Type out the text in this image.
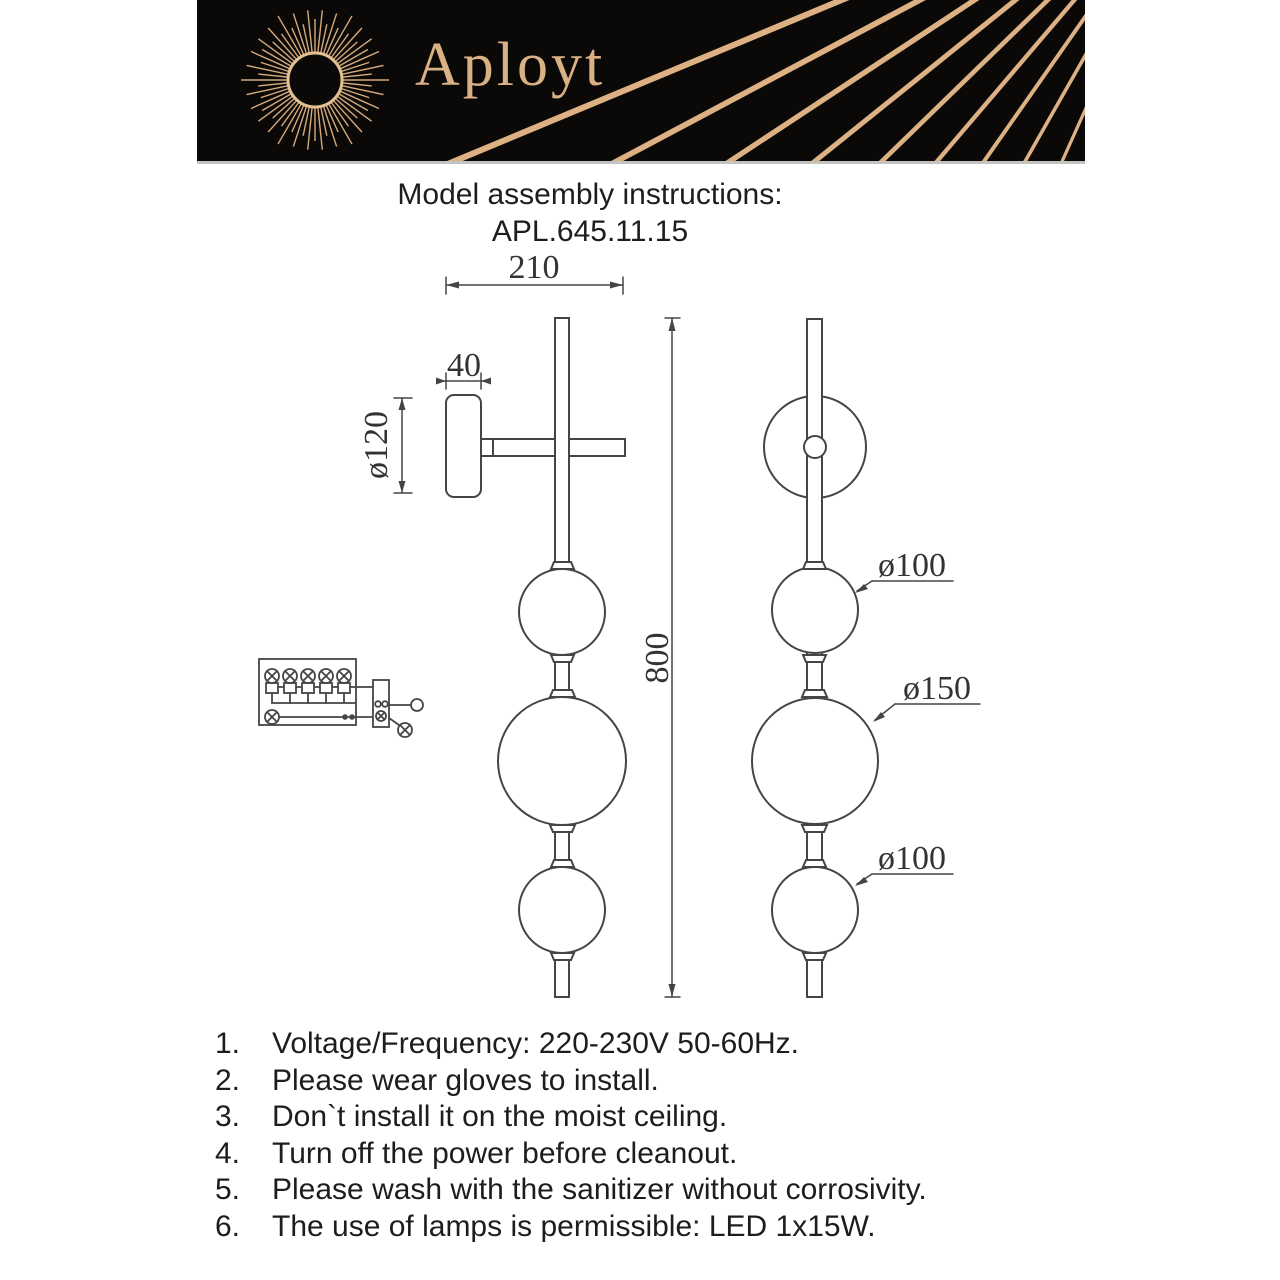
Aployt
Model assembly instructions:
APL.645.11.15
210
40
ø120
800
ø100
ø150
ø100
1.	Voltage/Frequency: 220-230V 50-60Hz.
2.	Please wear gloves to install.
3.	Don`t install it on the moist ceiling.
4.	Turn off the power before cleanout.
5.	Please wash with the sanitizer without corrosivity.
6.	The use of lamps is permissible: LED 1x15W.
